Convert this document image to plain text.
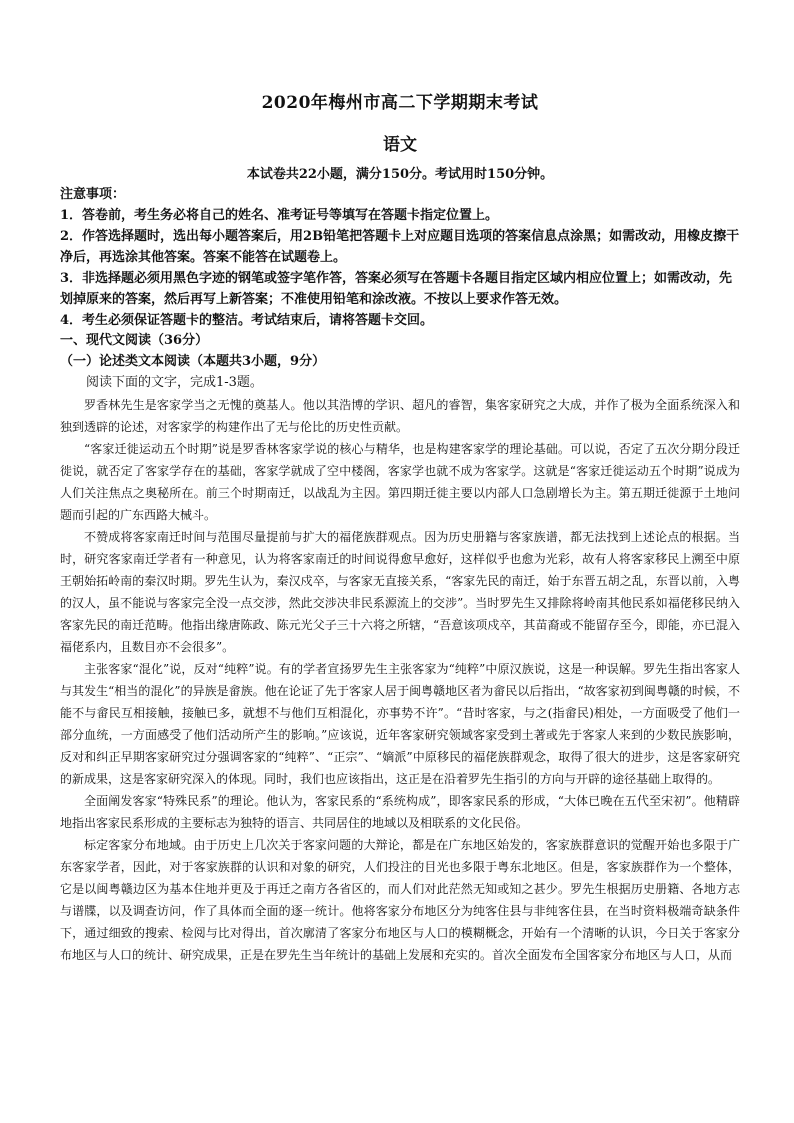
2020年梅州市高二下学期期末考试
语文
本试卷共22小题，满分150分。考试用时150分钟。

注意事项：

1．答卷前，考生务必将自己的姓名、准考证号等填写在答题卡指定位置上。

2．作答选择题时，选出每小题答案后，用2B铅笔把答题卡上对应题目选项的答案信息点涂黑；如需改动，用橡皮擦干净后，再选涂其他答案。答案不能答在试题卷上。

3．非选择题必须用黑色字迹的钢笔或签字笔作答，答案必须写在答题卡各题目指定区域内相应位置上；如需改动，先划掉原来的答案，然后再写上新答案；不准使用铅笔和涂改液。不按以上要求作答无效。

4．考生必须保证答题卡的整洁。考试结束后，请将答题卡交回。

一、现代文阅读（36分）
（一）论述类文本阅读（本题共3小题，9分）
阅读下面的文字，完成1-3题。

罗香林先生是客家学当之无愧的奠基人。他以其浩博的学识、超凡的睿智，集客家研究之大成，并作了极为全面系统深入和独到透辟的论述，对客家学的构建作出了无与伦比的历史性贡献。

“客家迁徙运动五个时期”说是罗香林客家学说的核心与精华，也是构建客家学的理论基础。可以说，否定了五次分期分段迁徙说，就否定了客家学存在的基础，客家学就成了空中楼阁，客家学也就不成为客家学。这就是“客家迁徙运动五个时期”说成为人们关注焦点之奥秘所在。前三个时期南迁，以战乱为主因。第四期迁徙主要以内部人口急剧增长为主。第五期迁徙源于土地问题而引起的广东西路大械斗。

不赞成将客家南迁时间与范围尽量提前与扩大的福佬族群观点。因为历史册籍与客家族谱，都无法找到上述论点的根据。当时，研究客家南迁学者有一种意见，认为将客家南迁的时间说得愈早愈好，这样似乎也愈为光彩，故有人将客家移民上溯至中原王朝始拓岭南的秦汉时期。罗先生认为，秦汉戍卒，与客家无直接关系，“客家先民的南迁，始于东晋五胡之乱，东晋以前，入粤的汉人，虽不能说与客家完全没一点交涉，然此交涉决非民系源流上的交涉”。当时罗先生又排除将岭南其他民系如福佬移民纳入客家先民的南迁范畴。他指出缘唐陈政、陈元光父子三十六将之所辖，“吾意该项戍卒，其苗裔或不能留存至今，即能，亦已混入福佬系内，且数目亦不会很多”。

主张客家“混化”说，反对“纯粹”说。有的学者宣扬罗先生主张客家为“纯粹”中原汉族说，这是一种误解。罗先生指出客家人与其发生“相当的混化”的异族是畲族。他在论证了先于客家人居于闽粤赣地区者为畲民以后指出，“故客家初到闽粤赣的时候，不能不与畲民互相接触，接触已多，就想不与他们互相混化，亦事势不许”。“昔时客家，与之(指畲民)相处，一方面吸受了他们一部分血统，一方面感受了他们活动所产生的影响。”应该说，近年客家研究领域客家受到土著或先于客家人来到的少数民族影响，反对和纠正早期客家研究过分强调客家的“纯粹”、“正宗”、“嫡派”中原移民的福佬族群观念，取得了很大的进步，这是客家研究的新成果，这是客家研究深入的体现。同时，我们也应该指出，这正是在沿着罗先生指引的方向与开辟的途径基础上取得的。

全面阐发客家“特殊民系”的理论。他认为，客家民系的“系统构成”，即客家民系的形成，“大体已晚在五代至宋初”。他精辟地指出客家民系形成的主要标志为独特的语言、共同居住的地域以及相联系的文化民俗。

标定客家分布地域。由于历史上几次关于客家问题的大辩论，都是在广东地区始发的，客家族群意识的觉醒开始也多限于广东客家学者，因此，对于客家族群的认识和对象的研究，人们投注的目光也多限于粤东北地区。但是，客家族群作为一个整体，它是以闽粤赣边区为基本住地并更及于再迁之南方各省区的，而人们对此茫然无知或知之甚少。罗先生根据历史册籍、各地方志与谱牒，以及调查访问，作了具体而全面的逐一统计。他将客家分布地区分为纯客住县与非纯客住县，在当时资料极端奇缺条件下，通过细致的搜索、检阅与比对得出，首次廓清了客家分布地区与人口的模糊概念，开始有一个清晰的认识，今日关于客家分布地区与人口的统计、研究成果，正是在罗先生当年统计的基础上发展和充实的。首次全面发布全国客家分布地区与人口，从而
